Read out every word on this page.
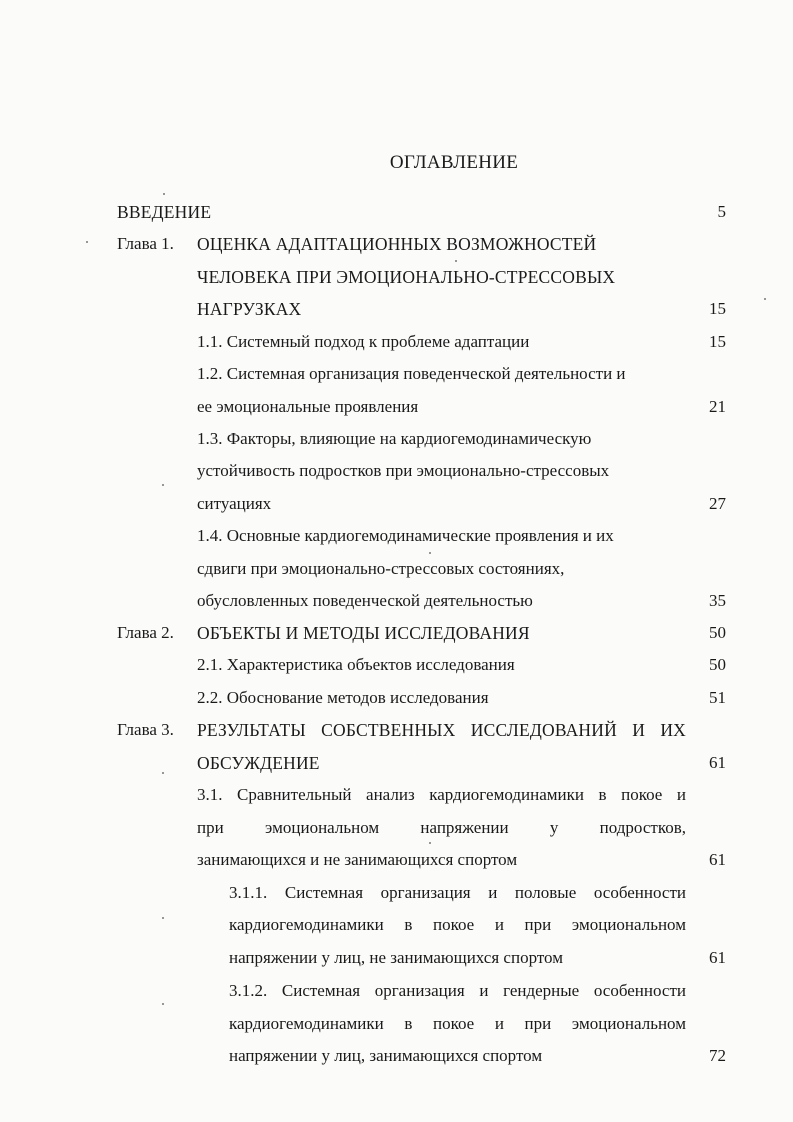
ОГЛАВЛЕНИЕ
ВВЕДЕНИЕ	5
Глава 1. ОЦЕНКА АДАПТАЦИОННЫХ ВОЗМОЖНОСТЕЙ
ЧЕЛОВЕКА ПРИ ЭМОЦИОНАЛЬНО-СТРЕССОВЫХ
НАГРУЗКАХ	15
1.1. Системный подход к проблеме адаптации	15
1.2. Системная организация поведенческой деятельности и
ее эмоциональные проявления	21
1.3. Факторы, влияющие на кардиогемодинамическую
устойчивость подростков при эмоционально-стрессовых
ситуациях	27
1.4. Основные кардиогемодинамические проявления и их
сдвиги при эмоционально-стрессовых состояниях,
обусловленных поведенческой деятельностью	35
Глава 2. ОБЪЕКТЫ И МЕТОДЫ ИССЛЕДОВАНИЯ	50
2.1. Характеристика объектов исследования	50
2.2. Обоснование методов исследования	51
Глава 3. РЕЗУЛЬТАТЫ СОБСТВЕННЫХ ИССЛЕДОВАНИЙ И ИХ
ОБСУЖДЕНИЕ	61
3.1. Сравнительный анализ кардиогемодинамики в покое и
при эмоциональном напряжении у подростков,
занимающихся и не занимающихся спортом	61
3.1.1. Системная организация и половые особенности
кардиогемодинамики в покое и при эмоциональном
напряжении у лиц, не занимающихся спортом	61
3.1.2. Системная организация и гендерные особенности
кардиогемодинамики в покое и при эмоциональном
напряжении у лиц, занимающихся спортом	72
